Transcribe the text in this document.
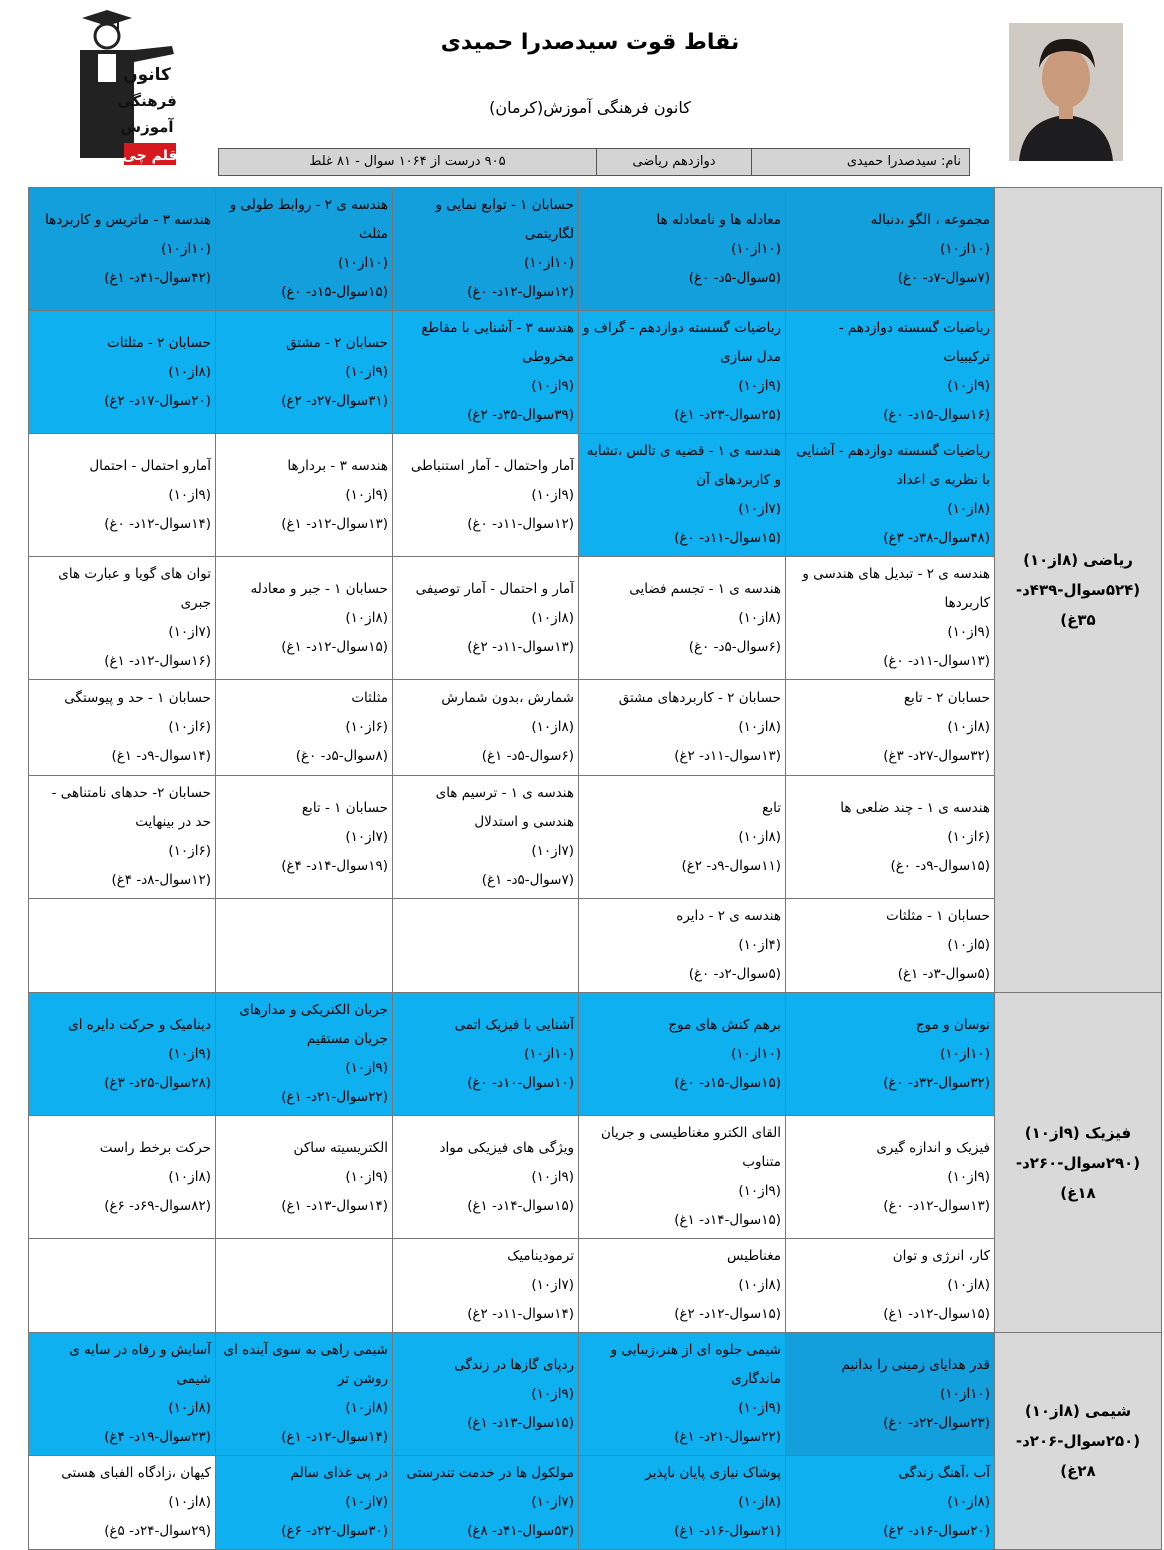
کانون
فرهنگی
آموزش
قلم چی
نقاط قوت سیدصدرا حمیدی
کانون فرهنگی آموزش(کرمان)
نام: سیدصدرا حمیدی
دوازدهم ریاضی
۹۰۵ درست از ۱۰۶۴ سوال - ۸۱ غلط
ریاضی (۸از۱۰)
(۵۲۴سوال-۴۳۹د-
۳۵غ)	مجموعه ، الگو ،دنباله
(۱۰از۱۰)
(۷سوال-۷د- ۰غ)	معادله ها و نامعادله ها
(۱۰از۱۰)
(۵سوال-۵د- ۰غ)	حسابان ۱ - توابع نمایی و لگاریتمی
(۱۰از۱۰)
(۱۲سوال-۱۲د- ۰غ)	هندسه ی ۲ - روابط طولی و مثلث
(۱۰از۱۰)
(۱۵سوال-۱۵د- ۰غ)	هندسه ۳ - ماتریس و کاربردها
(۱۰از۱۰)
(۴۲سوال-۴۱د- ۱غ)

	ریاضیات گسسته دوازدهم - ترکیبیات
(۹از۱۰)
(۱۶سوال-۱۵د- ۰غ)	ریاضیات گسسته دوازدهم - گراف و مدل سازی
(۹از۱۰)
(۲۵سوال-۲۳د- ۱غ)	هندسه ۳ - آشنایی با مقاطع مخروطی
(۹از۱۰)
(۳۹سوال-۳۵د- ۲غ)	حسابان ۲ - مشتق
(۹از۱۰)
(۳۱سوال-۲۷د- ۲غ)	حسابان ۲ - مثلثات
(۸از۱۰)
(۲۰سوال-۱۷د- ۲غ)

	ریاضیات گسسته دوازدهم - آشنایی با نظریه ی اعداد
(۸از۱۰)
(۴۸سوال-۳۸د- ۳غ)	هندسه ی ۱ - قضیه ی تالس ،تشابه و کاربردهای آن
(۷از۱۰)
(۱۵سوال-۱۱د- ۰غ)	آمار واحتمال - آمار استنباطی
(۹از۱۰)
(۱۲سوال-۱۱د- ۰غ)	هندسه ۳ - بردارها
(۹از۱۰)
(۱۳سوال-۱۲د- ۱غ)	آمارو احتمال - احتمال
(۹از۱۰)
(۱۴سوال-۱۲د- ۰غ)

	هندسه ی ۲ - تبدیل های هندسی و کاربردها
(۹از۱۰)
(۱۳سوال-۱۱د- ۰غ)	هندسه ی ۱ - تجسم فضایی
(۸از۱۰)
(۶سوال-۵د- ۰غ)	آمار و احتمال - آمار توصیفی
(۸از۱۰)
(۱۳سوال-۱۱د- ۲غ)	حسابان ۱ - جبر و معادله
(۸از۱۰)
(۱۵سوال-۱۲د- ۱غ)	توان های گویا و عبارت های جبری
(۷از۱۰)
(۱۶سوال-۱۲د- ۱غ)

	حسابان ۲ - تابع
(۸از۱۰)
(۳۲سوال-۲۷د- ۳غ)	حسابان ۲ - کاربردهای مشتق
(۸از۱۰)
(۱۳سوال-۱۱د- ۲غ)	شمارش ،بدون شمارش
(۸از۱۰)
(۶سوال-۵د- ۱غ)	مثلثات
(۶از۱۰)
(۸سوال-۵د- ۰غ)	حسابان ۱ - حد و پیوستگی
(۶از۱۰)
(۱۴سوال-۹د- ۱غ)

	هندسه ی ۱ - چند ضلعی ها
(۶از۱۰)
(۱۵سوال-۹د- ۰غ)	تابع
(۸از۱۰)
(۱۱سوال-۹د- ۲غ)	هندسه ی ۱ - ترسیم های هندسی و استدلال
(۷از۱۰)
(۷سوال-۵د- ۱غ)	حسابان ۱ - تابع
(۷از۱۰)
(۱۹سوال-۱۴د- ۴غ)	حسابان ۲- حدهای نامتناهی - حد در بینهایت
(۶از۱۰)
(۱۲سوال-۸د- ۴غ)

	حسابان ۱ - مثلثات
(۵از۱۰)
(۵سوال-۳د- ۱غ)	هندسه ی ۲ - دایره
(۴از۱۰)
(۵سوال-۲د- ۰غ)			

فیزیک (۹از۱۰)
(۲۹۰سوال-۲۶۰د-
۱۸غ)	نوسان و موج
(۱۰از۱۰)
(۳۲سوال-۳۲د- ۰غ)	برهم کنش های موج
(۱۰از۱۰)
(۱۵سوال-۱۵د- ۰غ)	آشنایی با فیزیک اتمی
(۱۰از۱۰)
(۱۰سوال-۱۰د- ۰غ)	جریان الکتریکی و مدارهای جریان مستقیم
(۹از۱۰)
(۲۲سوال-۲۱د- ۱غ)	دینامیک و حرکت دایره ای
(۹از۱۰)
(۲۸سوال-۲۵د- ۳غ)

	فیزیک و اندازه گیری
(۹از۱۰)
(۱۳سوال-۱۲د- ۰غ)	القای الکترو مغناطیسی و جریان متناوب
(۹از۱۰)
(۱۵سوال-۱۴د- ۱غ)	ویژگی های فیزیکی مواد
(۹از۱۰)
(۱۵سوال-۱۴د- ۱غ)	الکتریسیته ساکن
(۹از۱۰)
(۱۴سوال-۱۳د- ۱غ)	حرکت برخط راست
(۸از۱۰)
(۸۲سوال-۶۹د- ۶غ)

	کار، انرژی و توان
(۸از۱۰)
(۱۵سوال-۱۲د- ۱غ)	مغناطیس
(۸از۱۰)
(۱۵سوال-۱۲د- ۲غ)	ترمودینامیک
(۷از۱۰)
(۱۴سوال-۱۱د- ۲غ)		

شیمی (۸از۱۰)
(۲۵۰سوال-۲۰۶د-
۲۸غ)	قدر هدایای زمینی را بدانیم
(۱۰از۱۰)
(۲۳سوال-۲۲د- ۰غ)	شیمی جلوه ای از هنر،زیبایی و ماندگاری
(۹از۱۰)
(۲۲سوال-۲۱د- ۱غ)	ردپای گازها در زندگی
(۹از۱۰)
(۱۵سوال-۱۳د- ۱غ)	شیمی راهی به سوی آینده ای روشن تر
(۸از۱۰)
(۱۴سوال-۱۲د- ۱غ)	آسایش و رفاه در سایه ی شیمی
(۸از۱۰)
(۲۳سوال-۱۹د- ۴غ)

	آب ،آهنگ زندگی
(۸از۱۰)
(۲۰سوال-۱۶د- ۲غ)	پوشاک نیازی پایان ناپذیر
(۸از۱۰)
(۲۱سوال-۱۶د- ۱غ)	مولکول ها در خدمت تندرستی
(۷از۱۰)
(۵۳سوال-۴۱د- ۸غ)	در پی غذای سالم
(۷از۱۰)
(۳۰سوال-۲۲د- ۶غ)	کیهان ،زادگاه الفبای هستی
(۸از۱۰)
(۲۹سوال-۲۴د- ۵غ)
